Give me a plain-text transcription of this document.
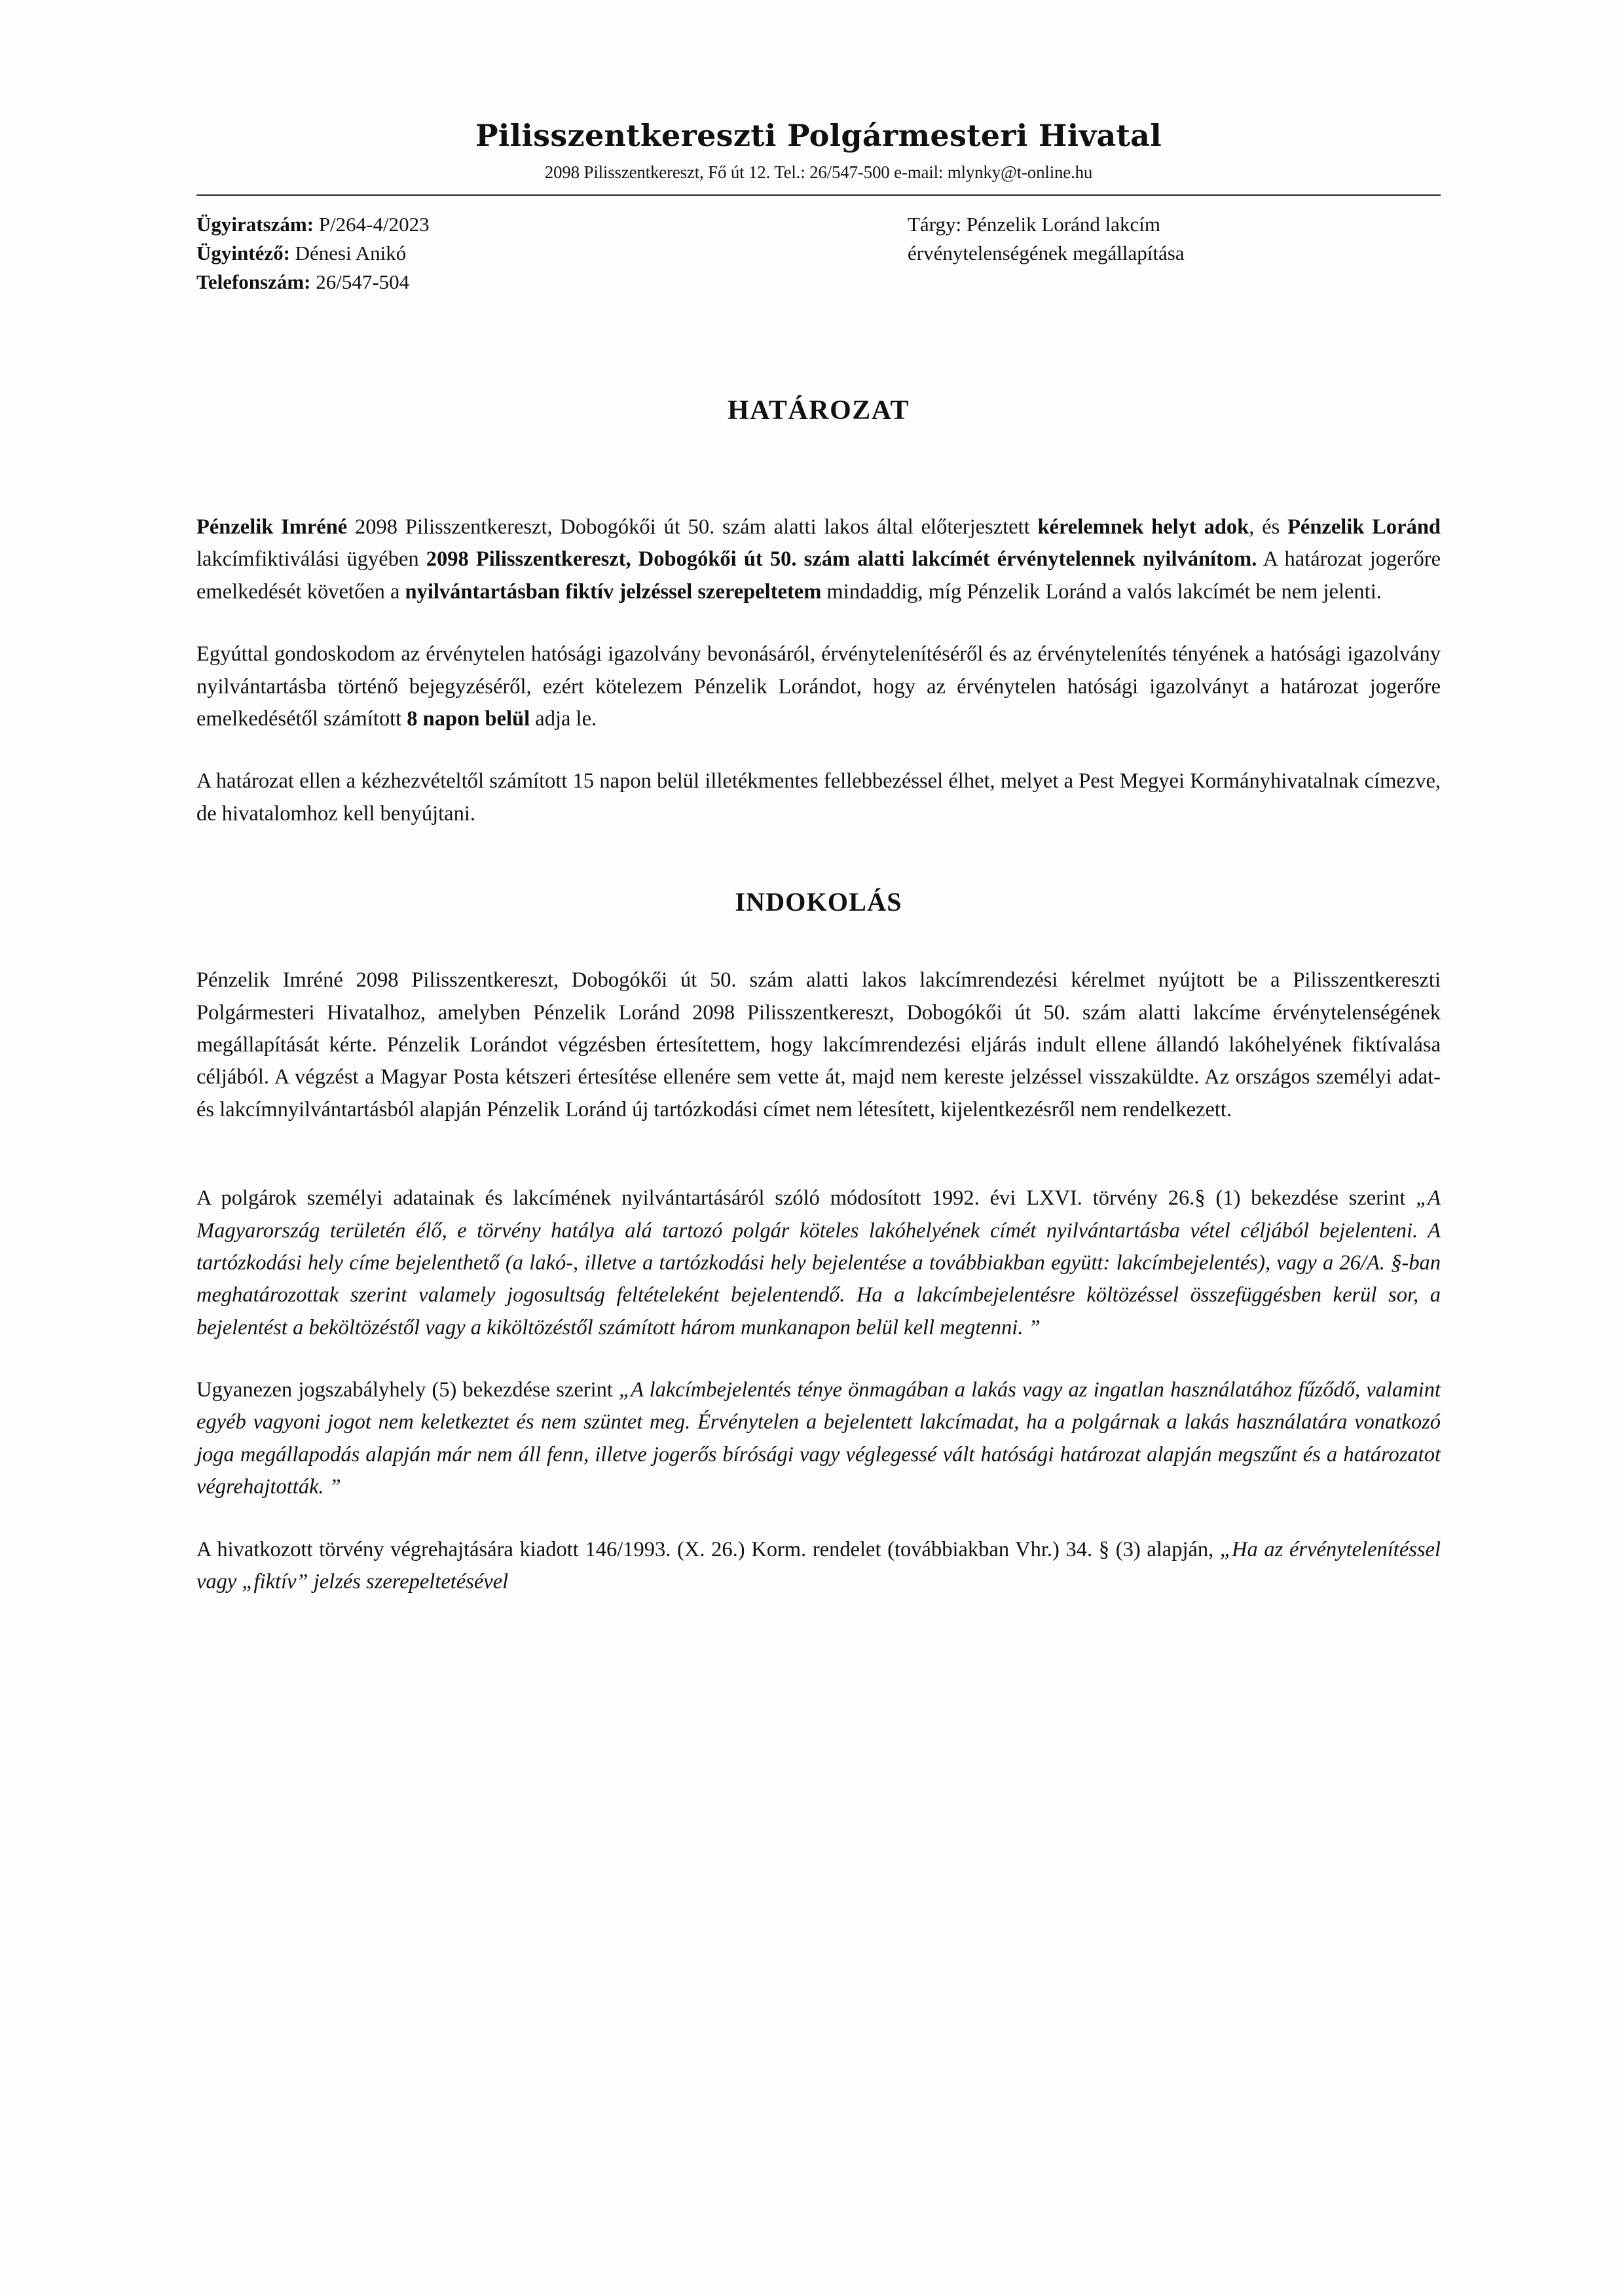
Pilisszentkereszti Polgármesteri Hivatal
2098 Pilisszentkereszt, Fő út 12. Tel.: 26/547-500 e-mail: mlynky@t-online.hu
Ügyiratszám: P/264-4/2023
Ügyintéző: Dénesi Anikó
Telefonszám: 26/547-504
Tárgy: Pénzelik Loránd lakcím
érvénytelenségének megállapítása
HATÁROZAT

Pénzelik Imréné 2098 Pilisszentkereszt, Dobogókői út 50. szám alatti lakos által előterjesztett kérelemnek helyt adok, és Pénzelik Loránd lakcímfiktiválási ügyében 2098 Pilisszentkereszt, Dobogókői út 50. szám alatti lakcímét érvénytelennek nyilvánítom. A határozat jogerőre emelkedését követően a nyilvántartásban fiktív jelzéssel szerepeltetem mindaddig, míg Pénzelik Loránd a valós lakcímét be nem jelenti.

Egyúttal gondoskodom az érvénytelen hatósági igazolvány bevonásáról, érvénytelenítéséről és az érvénytelenítés tényének a hatósági igazolvány nyilvántartásba történő bejegyzéséről, ezért kötelezem Pénzelik Lorándot, hogy az érvénytelen hatósági igazolványt a határozat jogerőre emelkedésétől számított 8 napon belül adja le.

A határozat ellen a kézhezvételtől számított 15 napon belül illetékmentes fellebbezéssel élhet, melyet a Pest Megyei Kormányhivatalnak címezve, de hivatalomhoz kell benyújtani.

INDOKOLÁS

Pénzelik Imréné 2098 Pilisszentkereszt, Dobogókői út 50. szám alatti lakos lakcímrendezési kérelmet nyújtott be a Pilisszentkereszti Polgármesteri Hivatalhoz, amelyben Pénzelik Loránd 2098 Pilisszentkereszt, Dobogókői út 50. szám alatti lakcíme érvénytelenségének megállapítását kérte. Pénzelik Lorándot végzésben értesítettem, hogy lakcímrendezési eljárás indult ellene állandó lakóhelyének fiktívalása céljából. A végzést a Magyar Posta kétszeri értesítése ellenére sem vette át, majd nem kereste jelzéssel visszaküldte. Az országos személyi adat- és lakcímnyilvántartásból alapján Pénzelik Loránd új tartózkodási címet nem létesített, kijelentkezésről nem rendelkezett.

A polgárok személyi adatainak és lakcímének nyilvántartásáról szóló módosított 1992. évi LXVI. törvény 26.§ (1) bekezdése szerint „A Magyarország területén élő, e törvény hatálya alá tartozó polgár köteles lakóhelyének címét nyilvántartásba vétel céljából bejelenteni. A tartózkodási hely címe bejelenthető (a lakó-, illetve a tartózkodási hely bejelentése a továbbiakban együtt: lakcímbejelentés), vagy a 26/A. §-ban meghatározottak szerint valamely jogosultság feltételeként bejelentendő. Ha a lakcímbejelentésre költözéssel összefüggésben kerül sor, a bejelentést a beköltözéstől vagy a kiköltözéstől számított három munkanapon belül kell megtenni. ”

Ugyanezen jogszabályhely (5) bekezdése szerint „A lakcímbejelentés ténye önmagában a lakás vagy az ingatlan használatához fűződő, valamint egyéb vagyoni jogot nem keletkeztet és nem szüntet meg. Érvénytelen a bejelentett lakcímadat, ha a polgárnak a lakás használatára vonatkozó joga megállapodás alapján már nem áll fenn, illetve jogerős bírósági vagy véglegessé vált hatósági határozat alapján megszűnt és a határozatot végrehajtották. ”

A hivatkozott törvény végrehajtására kiadott 146/1993. (X. 26.) Korm. rendelet (továbbiakban Vhr.) 34. § (3) alapján, „Ha az érvénytelenítéssel vagy „fiktív” jelzés szerepeltetésével
